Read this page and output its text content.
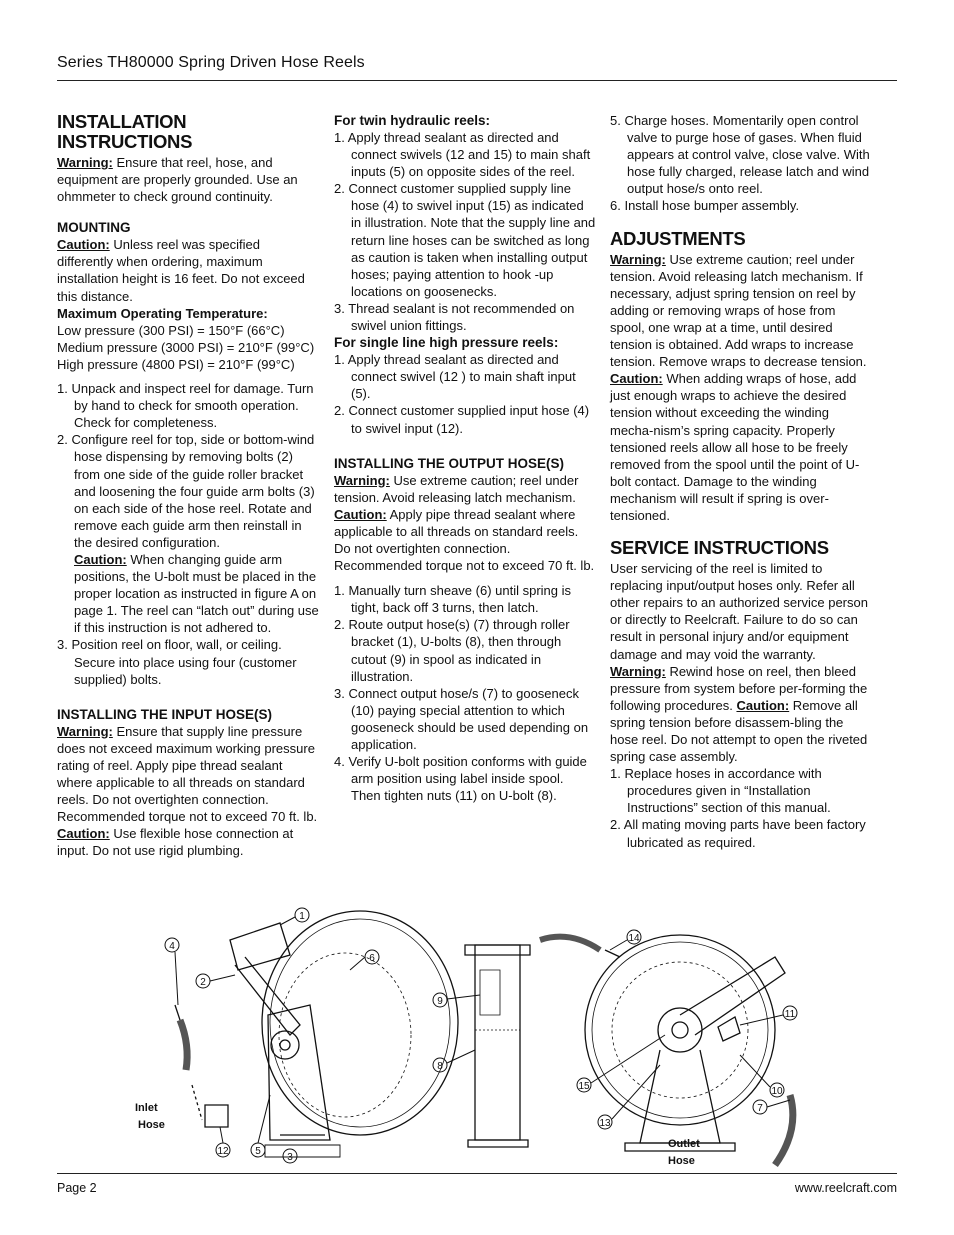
Series TH80000 Spring Driven Hose Reels
INSTALLATION INSTRUCTIONS

Warning: Ensure that reel, hose, and equipment are properly grounded. Use an ohmmeter to check ground continuity.

MOUNTING

Caution: Unless reel was specified differently when ordering, maximum installation height is 16 feet. Do not exceed this distance.

Maximum Operating Temperature:

Low pressure (300 PSI) = 150°F (66°C)

Medium pressure (3000 PSI) = 210°F (99°C)

High pressure (4800 PSI) = 210°F (99°C)

1. Unpack and inspect reel for damage. Turn by hand to check for smooth operation. Check for completeness.
2. Configure reel for top, side or bottom-wind hose dispensing by removing bolts (2) from one side of the guide roller bracket and loosening the four guide arm bolts (3) on each side of the hose reel. Rotate and remove each guide arm then reinstall in the desired configuration.
Caution: When changing guide arm positions, the U-bolt must be placed in the proper location as instructed in figure A on page 1. The reel can “latch out” during use if this instruction is not adhered to.
3. Position reel on floor, wall, or ceiling. Secure into place using four (customer supplied) bolts.
INSTALLING THE INPUT HOSE(S)

Warning: Ensure that supply line pressure does not exceed maximum working pressure rating of reel. Apply pipe thread sealant where applicable to all threads on standard reels. Do not overtighten connection. Recommended torque not to exceed 70 ft. lb.

Caution: Use flexible hose connection at input. Do not use rigid plumbing.

For twin hydraulic reels:
1. Apply thread sealant as directed and connect swivels (12 and 15) to main shaft inputs (5) on opposite sides of the reel.
2. Connect customer supplied supply line hose (4) to swivel input (15) as indicated in illustration. Note that the supply line and return line hoses can be switched as long as caution is taken when installing output hoses; paying attention to hook -up locations on goosenecks.
3. Thread sealant is not recommended on swivel union fittings.
For single line high pressure reels:
1. Apply thread sealant as directed and connect swivel (12 ) to main shaft input (5).
2. Connect customer supplied input hose (4) to swivel input (12).
INSTALLING THE OUTPUT HOSE(S)

Warning: Use extreme caution; reel under tension. Avoid releasing latch mechanism. Caution: Apply pipe thread sealant where applicable to all threads on standard reels. Do not overtighten connection. Recommended torque not to exceed 70 ft. lb.

1. Manually turn sheave (6) until spring is tight, back off 3 turns, then latch.
2. Route output hose(s) (7) through roller bracket (1), U-bolts (8), then through cutout (9) in spool as indicated in illustration.
3. Connect output hose/s (7) to gooseneck (10) paying special attention to which gooseneck should be used depending on application.
4. Verify U-bolt position conforms with guide arm position using label inside spool. Then tighten nuts (11) on U-bolt (8).
5. Charge hoses. Momentarily open control valve to purge hose of gases. When fluid appears at control valve, close valve. With hose fully charged, release latch and wind output hose/s onto reel.
6. Install hose bumper assembly.
ADJUSTMENTS

Warning: Use extreme caution; reel under tension. Avoid releasing latch mechanism. If necessary, adjust spring tension on reel by adding or removing wraps of hose from spool, one wrap at a time, until desired tension is obtained. Add wraps to increase tension. Remove wraps to decrease tension.

Caution: When adding wraps of hose, add just enough wraps to achieve the desired tension without exceeding the winding mecha-nism’s spring capacity. Properly tensioned reels allow all hose to be freely removed from the spool until the point of U-bolt contact. Damage to the winding mechanism will result if spring is over-tensioned.

SERVICE INSTRUCTIONS

User servicing of the reel is limited to replacing input/output hoses only. Refer all other repairs to an authorized service person or directly to Reelcraft. Failure to do so can result in personal injury and/or equipment damage and may void the warranty. Warning: Rewind hose on reel, then bleed pressure from system before per-forming the following procedures. Caution: Remove all spring tension before disassem-bling the hose reel. Do not attempt to open the riveted spring case assembly.

1. Replace hoses in accordance with procedures given in “Installation Instructions” section of this manual.
2. All mating moving parts have been factory lubricated as required.
1
2
3
4
5
6
7
8
9
10
11
12
13
14
15
Inlet
Hose
Outlet
Hose
Page 2	www.reelcraft.com
